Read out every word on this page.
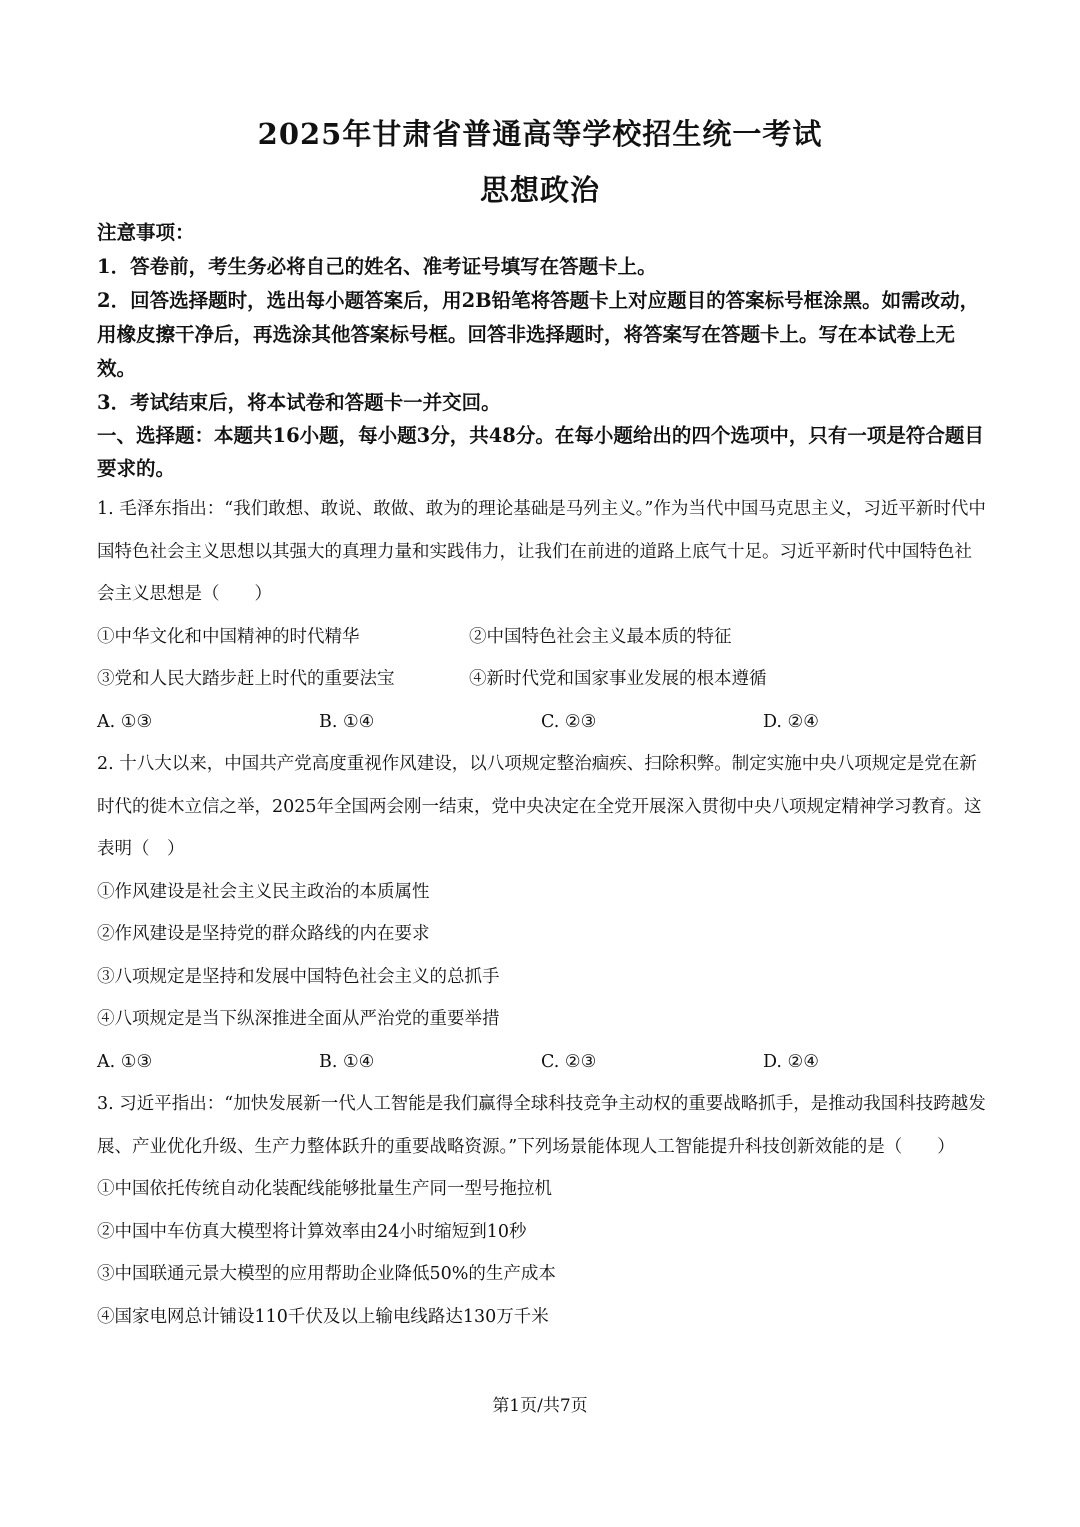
2025年甘肃省普通高等学校招生统一考试
思想政治

注意事项：

1．答卷前，考生务必将自己的姓名、准考证号填写在答题卡上。

2．回答选择题时，选出每小题答案后，用2B铅笔将答题卡上对应题目的答案标号框涂黑。如需改动，用橡皮擦干净后，再选涂其他答案标号框。回答非选择题时，将答案写在答题卡上。写在本试卷上无效。

3．考试结束后，将本试卷和答题卡一并交回。

一、选择题：本题共16小题，每小题3分，共48分。在每小题给出的四个选项中，只有一项是符合题目要求的。

1. 毛泽东指出：“我们敢想、敢说、敢做、敢为的理论基础是马列主义。”作为当代中国马克思主义，习近平新时代中国特色社会主义思想以其强大的真理力量和实践伟力，让我们在前进的道路上底气十足。习近平新时代中国特色社会主义思想是（　　）

①中华文化和中国精神的时代精华	②中国特色社会主义最本质的特征
③党和人民大踏步赶上时代的重要法宝	④新时代党和国家事业发展的根本遵循
A. ①③	B. ①④	C. ②③	D. ②④

2. 十八大以来，中国共产党高度重视作风建设，以八项规定整治痼疾、扫除积弊。制定实施中央八项规定是党在新时代的徙木立信之举，2025年全国两会刚一结束，党中央决定在全党开展深入贯彻中央八项规定精神学习教育。这表明（　）

①作风建设是社会主义民主政治的本质属性

②作风建设是坚持党的群众路线的内在要求

③八项规定是坚持和发展中国特色社会主义的总抓手

④八项规定是当下纵深推进全面从严治党的重要举措

A. ①③	B. ①④	C. ②③	D. ②④

3. 习近平指出：“加快发展新一代人工智能是我们赢得全球科技竞争主动权的重要战略抓手，是推动我国科技跨越发展、产业优化升级、生产力整体跃升的重要战略资源。”下列场景能体现人工智能提升科技创新效能的是（　　）

①中国依托传统自动化装配线能够批量生产同一型号拖拉机

②中国中车仿真大模型将计算效率由24小时缩短到10秒

③中国联通元景大模型的应用帮助企业降低50%的生产成本

④国家电网总计铺设110千伏及以上输电线路达130万千米

第1页/共7页
